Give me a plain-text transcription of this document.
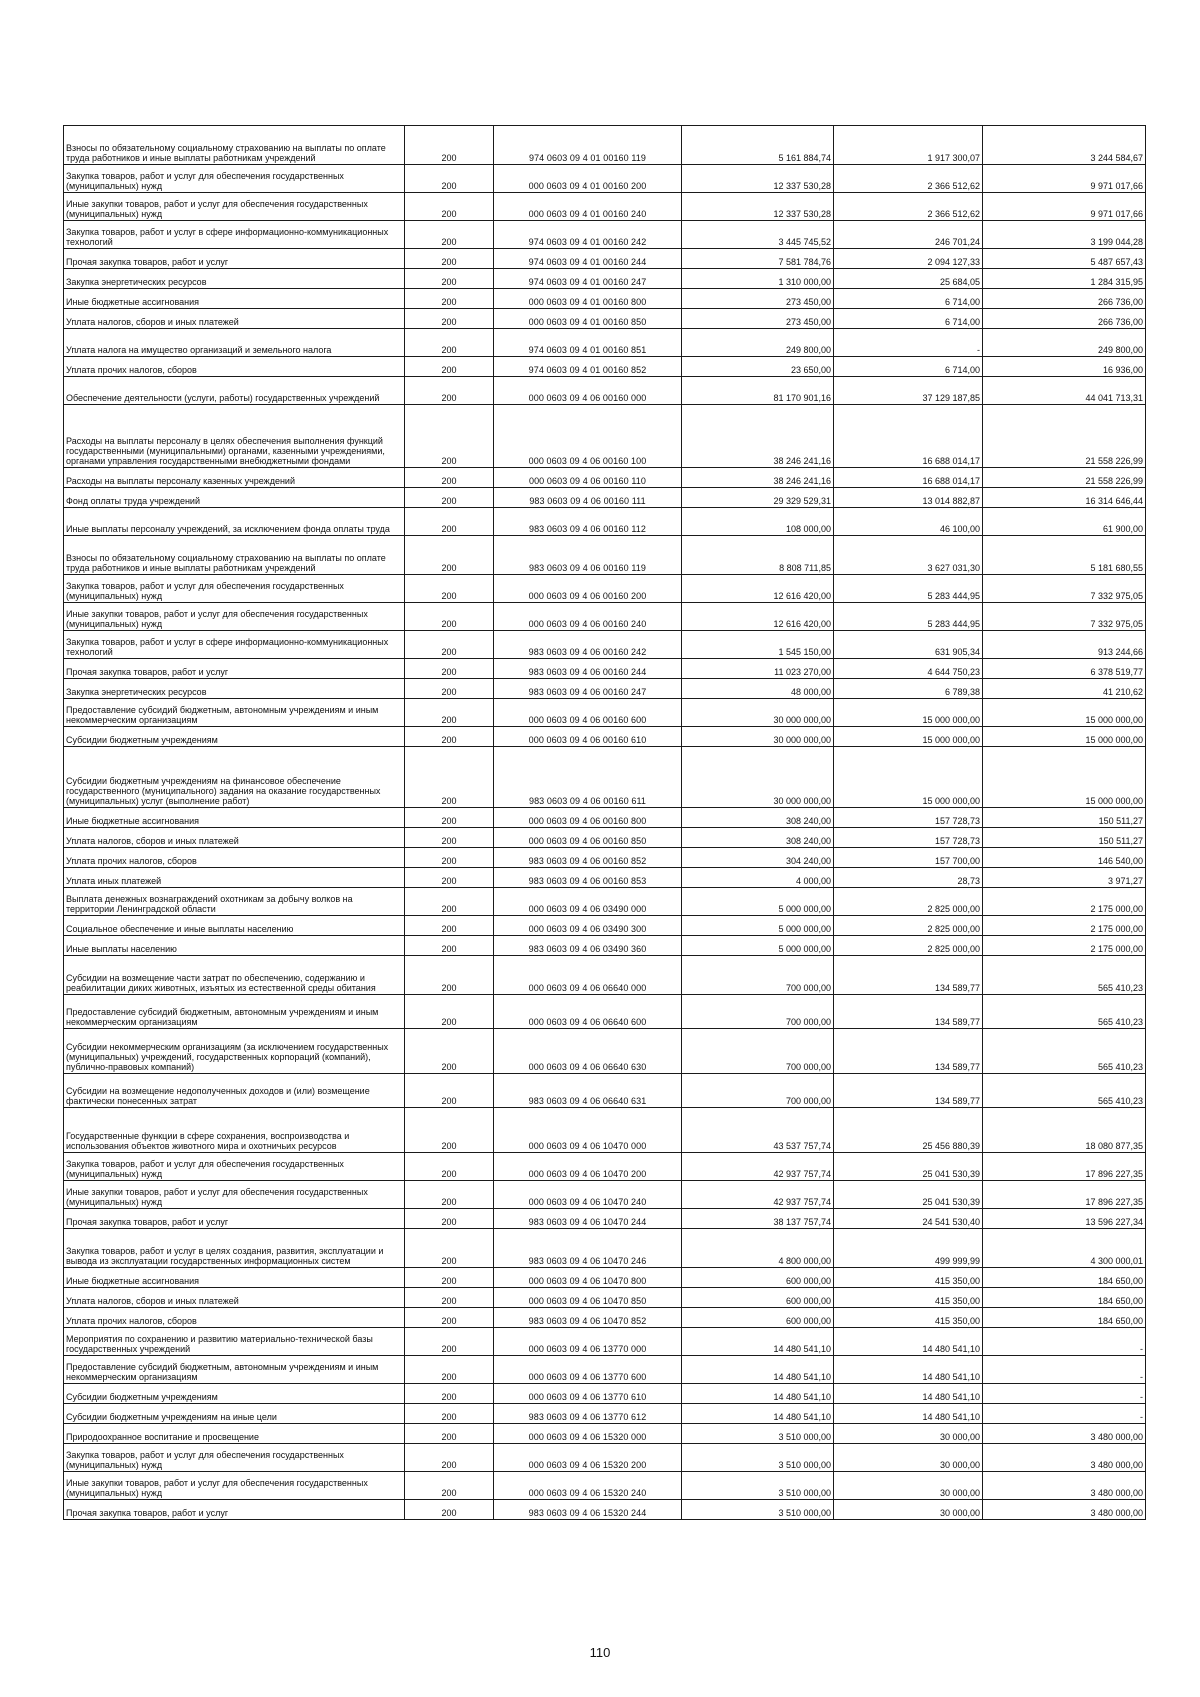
Взносы по обязательному социальному страхованию на выплаты по оплате труда работников и иные выплаты работникам учреждений	200	974 0603 09 4 01 00160 119	5 161 884,74	1 917 300,07	3 244 584,67
Закупка товаров, работ и услуг для обеспечения государственных (муниципальных) нужд	200	000 0603 09 4 01 00160 200	12 337 530,28	2 366 512,62	9 971 017,66
Иные закупки товаров, работ и услуг для обеспечения государственных (муниципальных) нужд	200	000 0603 09 4 01 00160 240	12 337 530,28	2 366 512,62	9 971 017,66
Закупка товаров, работ и услуг в сфере информационно-коммуникационных технологий	200	974 0603 09 4 01 00160 242	3 445 745,52	246 701,24	3 199 044,28
Прочая закупка товаров, работ и услуг	200	974 0603 09 4 01 00160 244	7 581 784,76	2 094 127,33	5 487 657,43
Закупка энергетических ресурсов	200	974 0603 09 4 01 00160 247	1 310 000,00	25 684,05	1 284 315,95
Иные бюджетные ассигнования	200	000 0603 09 4 01 00160 800	273 450,00	6 714,00	266 736,00
Уплата налогов, сборов и иных платежей	200	000 0603 09 4 01 00160 850	273 450,00	6 714,00	266 736,00
Уплата налога на имущество организаций и земельного налога	200	974 0603 09 4 01 00160 851	249 800,00	-	249 800,00
Уплата прочих налогов, сборов	200	974 0603 09 4 01 00160 852	23 650,00	6 714,00	16 936,00
Обеспечение деятельности (услуги, работы) государственных учреждений	200	000 0603 09 4 06 00160 000	81 170 901,16	37 129 187,85	44 041 713,31
Расходы на выплаты персоналу в целях обеспечения выполнения функций государственными (муниципальными) органами, казенными учреждениями, органами управления государственными внебюджетными фондами	200	000 0603 09 4 06 00160 100	38 246 241,16	16 688 014,17	21 558 226,99
Расходы на выплаты персоналу казенных учреждений	200	000 0603 09 4 06 00160 110	38 246 241,16	16 688 014,17	21 558 226,99
Фонд оплаты труда учреждений	200	983 0603 09 4 06 00160 111	29 329 529,31	13 014 882,87	16 314 646,44
Иные выплаты персоналу учреждений, за исключением фонда оплаты труда	200	983 0603 09 4 06 00160 112	108 000,00	46 100,00	61 900,00
Взносы по обязательному социальному страхованию на выплаты по оплате труда работников и иные выплаты работникам учреждений	200	983 0603 09 4 06 00160 119	8 808 711,85	3 627 031,30	5 181 680,55
Закупка товаров, работ и услуг для обеспечения государственных (муниципальных) нужд	200	000 0603 09 4 06 00160 200	12 616 420,00	5 283 444,95	7 332 975,05
Иные закупки товаров, работ и услуг для обеспечения государственных (муниципальных) нужд	200	000 0603 09 4 06 00160 240	12 616 420,00	5 283 444,95	7 332 975,05
Закупка товаров, работ и услуг в сфере информационно-коммуникационных технологий	200	983 0603 09 4 06 00160 242	1 545 150,00	631 905,34	913 244,66
Прочая закупка товаров, работ и услуг	200	983 0603 09 4 06 00160 244	11 023 270,00	4 644 750,23	6 378 519,77
Закупка энергетических ресурсов	200	983 0603 09 4 06 00160 247	48 000,00	6 789,38	41 210,62
Предоставление субсидий бюджетным, автономным учреждениям и иным некоммерческим организациям	200	000 0603 09 4 06 00160 600	30 000 000,00	15 000 000,00	15 000 000,00
Субсидии бюджетным учреждениям	200	000 0603 09 4 06 00160 610	30 000 000,00	15 000 000,00	15 000 000,00
Субсидии бюджетным учреждениям на финансовое обеспечение государственного (муниципального) задания на оказание государственных (муниципальных) услуг (выполнение работ)	200	983 0603 09 4 06 00160 611	30 000 000,00	15 000 000,00	15 000 000,00
Иные бюджетные ассигнования	200	000 0603 09 4 06 00160 800	308 240,00	157 728,73	150 511,27
Уплата налогов, сборов и иных платежей	200	000 0603 09 4 06 00160 850	308 240,00	157 728,73	150 511,27
Уплата прочих налогов, сборов	200	983 0603 09 4 06 00160 852	304 240,00	157 700,00	146 540,00
Уплата иных платежей	200	983 0603 09 4 06 00160 853	4 000,00	28,73	3 971,27
Выплата денежных вознаграждений охотникам за добычу волков на территории Ленинградской области	200	000 0603 09 4 06 03490 000	5 000 000,00	2 825 000,00	2 175 000,00
Социальное обеспечение и иные выплаты населению	200	000 0603 09 4 06 03490 300	5 000 000,00	2 825 000,00	2 175 000,00
Иные выплаты населению	200	983 0603 09 4 06 03490 360	5 000 000,00	2 825 000,00	2 175 000,00
Субсидии на возмещение части затрат по обеспечению, содержанию и реабилитации диких животных, изъятых из естественной среды обитания	200	000 0603 09 4 06 06640 000	700 000,00	134 589,77	565 410,23
Предоставление субсидий бюджетным, автономным учреждениям и иным некоммерческим организациям	200	000 0603 09 4 06 06640 600	700 000,00	134 589,77	565 410,23
Субсидии некоммерческим организациям (за исключением государственных (муниципальных) учреждений, государственных корпораций (компаний), публично-правовых компаний)	200	000 0603 09 4 06 06640 630	700 000,00	134 589,77	565 410,23
Субсидии на возмещение недополученных доходов и (или) возмещение фактически понесенных затрат	200	983 0603 09 4 06 06640 631	700 000,00	134 589,77	565 410,23
Государственные функции в сфере сохранения, воспроизводства и использования объектов животного мира и охотничьих ресурсов	200	000 0603 09 4 06 10470 000	43 537 757,74	25 456 880,39	18 080 877,35
Закупка товаров, работ и услуг для обеспечения государственных (муниципальных) нужд	200	000 0603 09 4 06 10470 200	42 937 757,74	25 041 530,39	17 896 227,35
Иные закупки товаров, работ и услуг для обеспечения государственных (муниципальных) нужд	200	000 0603 09 4 06 10470 240	42 937 757,74	25 041 530,39	17 896 227,35
Прочая закупка товаров, работ и услуг	200	983 0603 09 4 06 10470 244	38 137 757,74	24 541 530,40	13 596 227,34
Закупка товаров, работ и услуг в целях создания, развития, эксплуатации и вывода из эксплуатации государственных информационных систем	200	983 0603 09 4 06 10470 246	4 800 000,00	499 999,99	4 300 000,01
Иные бюджетные ассигнования	200	000 0603 09 4 06 10470 800	600 000,00	415 350,00	184 650,00
Уплата налогов, сборов и иных платежей	200	000 0603 09 4 06 10470 850	600 000,00	415 350,00	184 650,00
Уплата прочих налогов, сборов	200	983 0603 09 4 06 10470 852	600 000,00	415 350,00	184 650,00
Мероприятия по сохранению и развитию материально-технической базы государственных учреждений	200	000 0603 09 4 06 13770 000	14 480 541,10	14 480 541,10	-
Предоставление субсидий бюджетным, автономным учреждениям и иным некоммерческим организациям	200	000 0603 09 4 06 13770 600	14 480 541,10	14 480 541,10	-
Субсидии бюджетным учреждениям	200	000 0603 09 4 06 13770 610	14 480 541,10	14 480 541,10	-
Субсидии бюджетным учреждениям на иные цели	200	983 0603 09 4 06 13770 612	14 480 541,10	14 480 541,10	-
Природоохранное воспитание и просвещение	200	000 0603 09 4 06 15320 000	3 510 000,00	30 000,00	3 480 000,00
Закупка товаров, работ и услуг для обеспечения государственных (муниципальных) нужд	200	000 0603 09 4 06 15320 200	3 510 000,00	30 000,00	3 480 000,00
Иные закупки товаров, работ и услуг для обеспечения государственных (муниципальных) нужд	200	000 0603 09 4 06 15320 240	3 510 000,00	30 000,00	3 480 000,00
Прочая закупка товаров, работ и услуг	200	983 0603 09 4 06 15320 244	3 510 000,00	30 000,00	3 480 000,00
110
